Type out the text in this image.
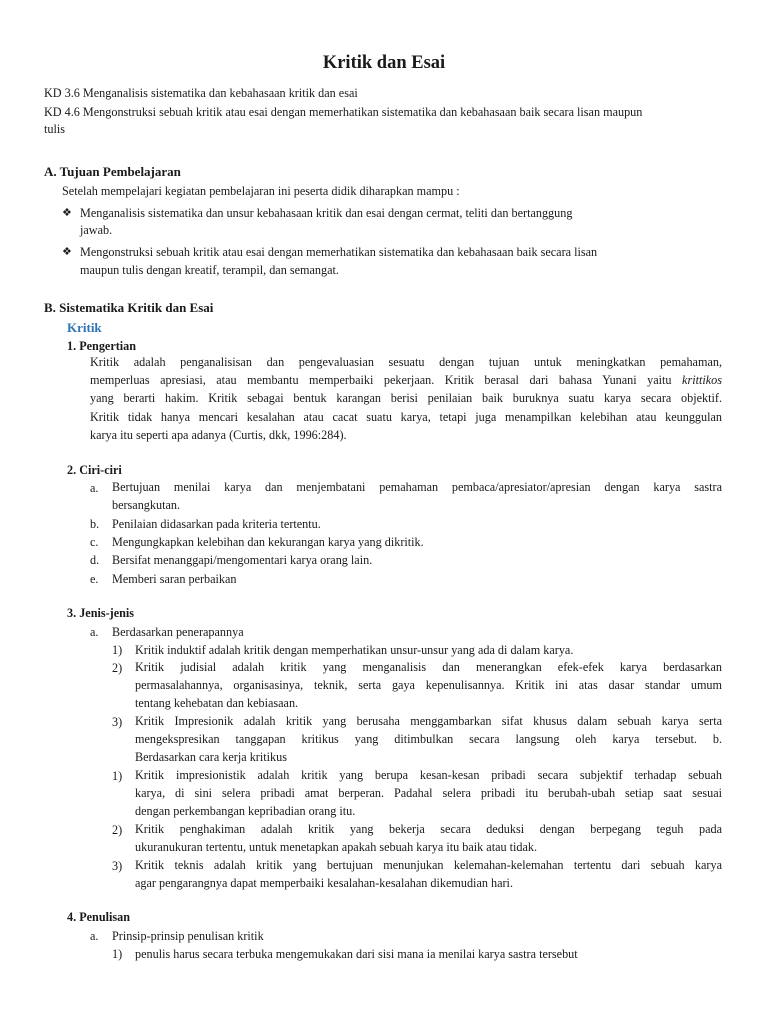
Kritik dan Esai
KD 3.6 Menganalisis sistematika dan kebahasaan kritik dan esai
KD 4.6 Mengonstruksi sebuah kritik atau esai dengan memerhatikan sistematika dan kebahasaan baik secara lisan maupun
tulis
A. Tujuan Pembelajaran
Setelah mempelajari kegiatan pembelajaran ini peserta didik diharapkan mampu :
❖ Menganalisis sistematika dan unsur kebahasaan kritik dan esai dengan cermat, teliti dan bertanggung
jawab.
❖ Mengonstruksi sebuah kritik atau esai dengan memerhatikan sistematika dan kebahasaan baik secara lisan
maupun tulis dengan kreatif, terampil, dan semangat.
B. Sistematika Kritik dan Esai
Kritik
1. Pengertian
Kritik adalah penganalisisan dan pengevaluasian sesuatu dengan tujuan untuk meningkatkan pemahaman,
memperluas apresiasi, atau membantu memperbaiki pekerjaan. Kritik berasal dari bahasa Yunani yaitu krittikos
yang berarti hakim. Kritik sebagai bentuk karangan berisi penilaian baik buruknya suatu karya secara objektif.
Kritik tidak hanya mencari kesalahan atau cacat suatu karya, tetapi juga menampilkan kelebihan atau keunggulan
karya itu seperti apa adanya (Curtis, dkk, 1996:284).
2. Ciri-ciri
a. Bertujuan menilai karya dan menjembatani pemahaman pembaca/apresiator/apresian dengan karya sastra
bersangkutan.
b. Penilaian didasarkan pada kriteria tertentu.
c. Mengungkapkan kelebihan dan kekurangan karya yang dikritik.
d. Bersifat menanggapi/mengomentari karya orang lain.
e. Memberi saran perbaikan
3. Jenis-jenis
a. Berdasarkan penerapannya
1) Kritik induktif adalah kritik dengan memperhatikan unsur-unsur yang ada di dalam karya.
2) Kritik judisial adalah kritik yang menganalisis dan menerangkan efek-efek karya berdasarkan
permasalahannya, organisasinya, teknik, serta gaya kepenulisannya. Kritik ini atas dasar standar umum
tentang kehebatan dan kebiasaan.
3) Kritik Impresionik adalah kritik yang berusaha menggambarkan sifat khusus dalam sebuah karya serta
mengekspresikan tanggapan kritikus yang ditimbulkan secara langsung oleh karya tersebut. b.
Berdasarkan cara kerja kritikus
1) Kritik impresionistik adalah kritik yang berupa kesan-kesan pribadi secara subjektif terhadap sebuah
karya, di sini selera pribadi amat berperan. Padahal selera pribadi itu berubah-ubah setiap saat sesuai
dengan perkembangan kepribadian orang itu.
2) Kritik penghakiman adalah kritik yang bekerja secara deduksi dengan berpegang teguh pada
ukuranukuran tertentu, untuk menetapkan apakah sebuah karya itu baik atau tidak.
3) Kritik teknis adalah kritik yang bertujuan menunjukan kelemahan-kelemahan tertentu dari sebuah karya
agar pengarangnya dapat memperbaiki kesalahan-kesalahan dikemudian hari.
4. Penulisan
a. Prinsip-prinsip penulisan kritik
1) penulis harus secara terbuka mengemukakan dari sisi mana ia menilai karya sastra tersebut
